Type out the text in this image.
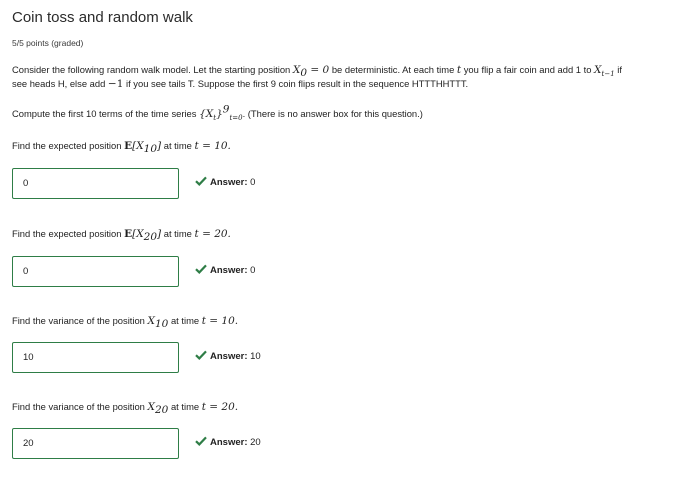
Coin toss and random walk
5/5 points (graded)
Consider the following random walk model. Let the starting position $X_0 = 0$ be deterministic. At each time t you flip a fair coin and add 1 to $X_{t-1}$ if
see heads H, else add −1 if you see tails T. Suppose the first 9 coin flips result in the sequence HTTTHHTTT.
Compute the first 10 terms of the time series $\{X_t\}^9_{t=0}$. (There is no answer box for this question.)
Find the expected position $E[X_{10}]$ at time t = 10.
0	Answer: 0
Find the expected position $E[X_{20}]$ at time t = 20.
0	Answer: 0
Find the variance of the position $X_{10}$ at time t = 10.
10	Answer: 10
Find the variance of the position $X_{20}$ at time t = 20.
20	Answer: 20
